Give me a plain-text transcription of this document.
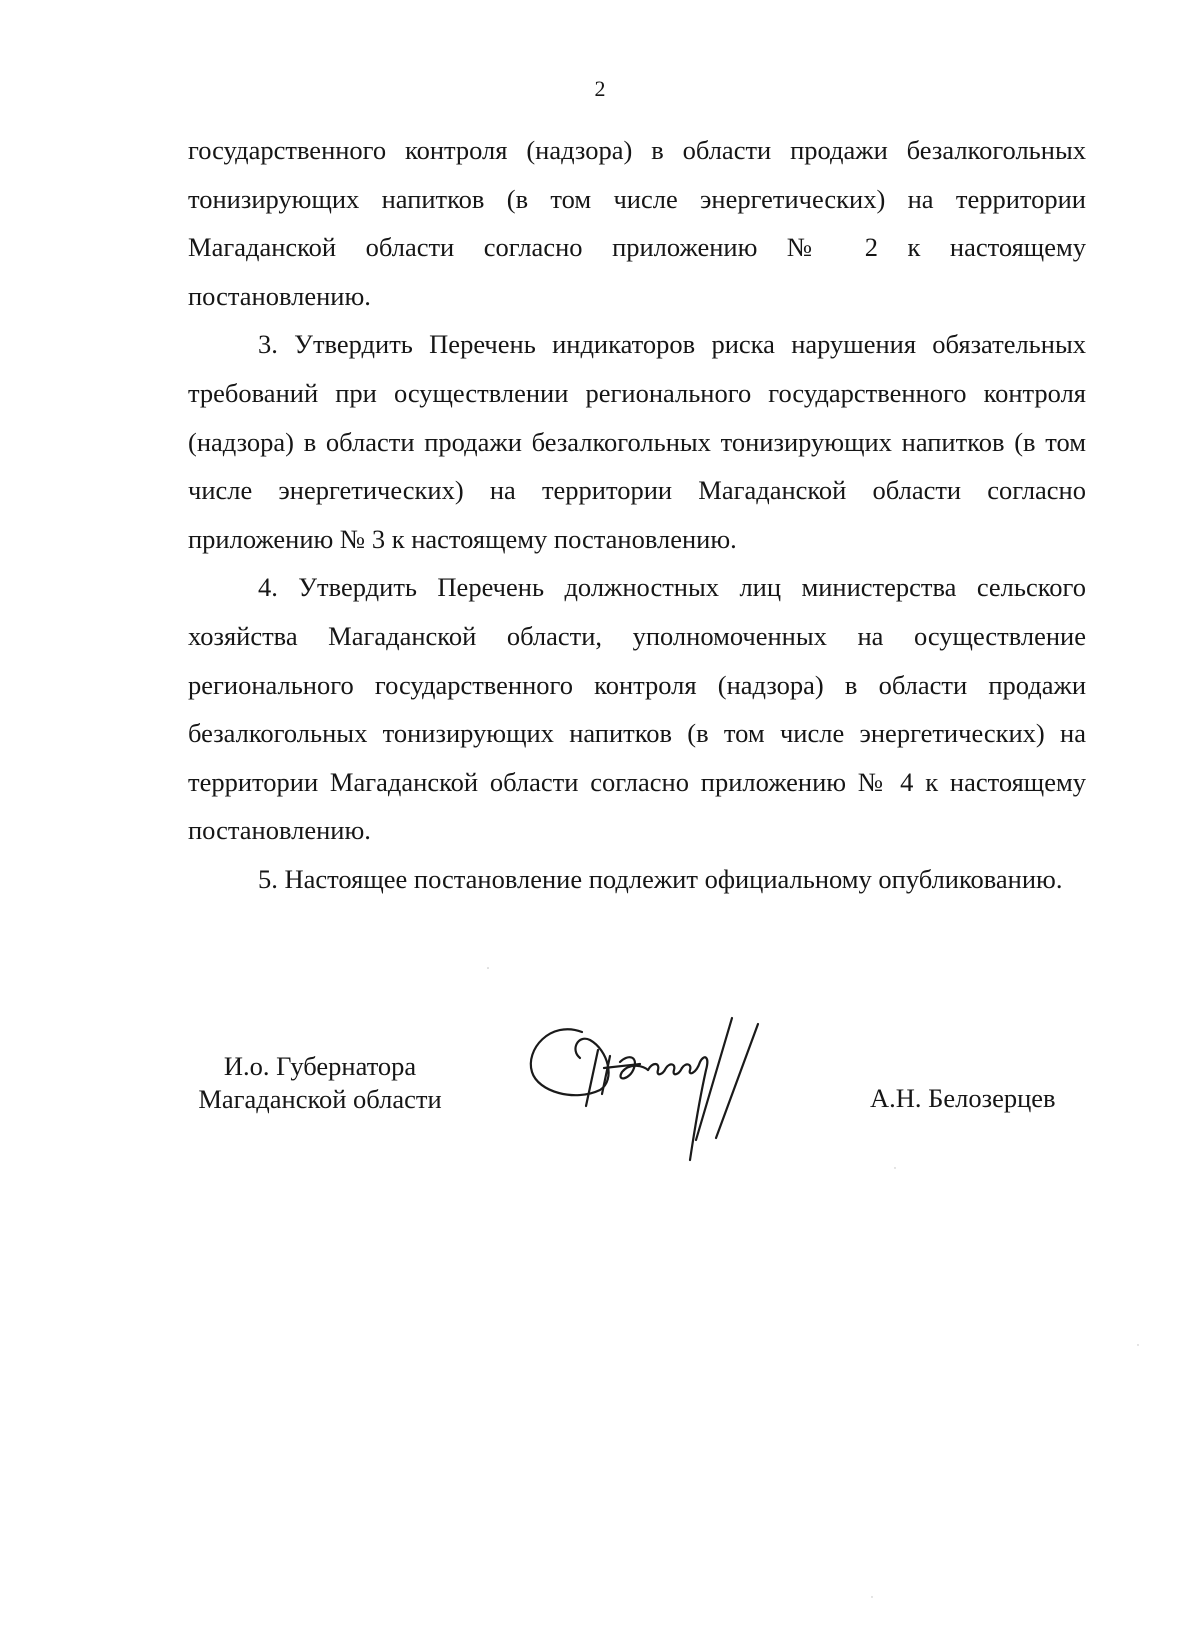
2

государственного контроля (надзора) в области продажи безалкогольных тонизирующих напитков (в том числе энергетических) на территории Магаданской области согласно приложению № 2 к настоящему постановлению.

3. Утвердить Перечень индикаторов риска нарушения обязательных требований при осуществлении регионального государственного контроля (надзора) в области продажи безалкогольных тонизирующих напитков (в том числе энергетических) на территории Магаданской области согласно приложению № 3 к настоящему постановлению.

4. Утвердить Перечень должностных лиц министерства сельского хозяйства Магаданской области, уполномоченных на осуществление регионального государственного контроля (надзора) в области продажи безалкогольных тонизирующих напитков (в том числе энергетических) на территории Магаданской области согласно приложению № 4 к настоящему постановлению.

5. Настоящее постановление подлежит официальному опубликованию.

И.о. Губернатора
Магаданской области	А.Н. Белозерцев
